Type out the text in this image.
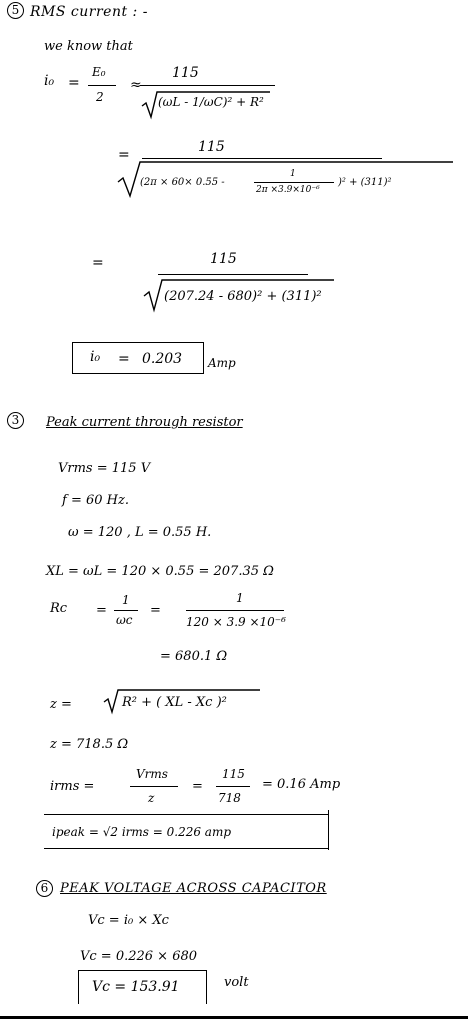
5 RMS current : -
we know that
i₀ =
E₀
2
≈
115
(ωL - 1/ωC)² + R²
=	115
(2π × 60× 0.55 -
1
2π ×3.9×10⁻⁶
)² + (311)²
=	115
(207.24 - 680)² + (311)²
i₀ = 0.203 Amp
3	Peak current through resistor
Vrms = 115 V
f = 60 Hz.
ω = 120 , L = 0.55 H.
XL = ωL = 120 × 0.55 = 207.35 Ω
Rc =
1
ωc
=
1
120 × 3.9 ×10⁻⁶
= 680.1 Ω
z =	R² + ( XL - Xc )²
z = 718.5 Ω
irms =
Vrms
z
=
115
718
= 0.16 Amp
ipeak = √2 irms = 0.226 amp
6 PEAK VOLTAGE ACROSS CAPACITOR
Vc = i₀ × Xc
Vc = 0.226 × 680
Vc = 153.91	volt
